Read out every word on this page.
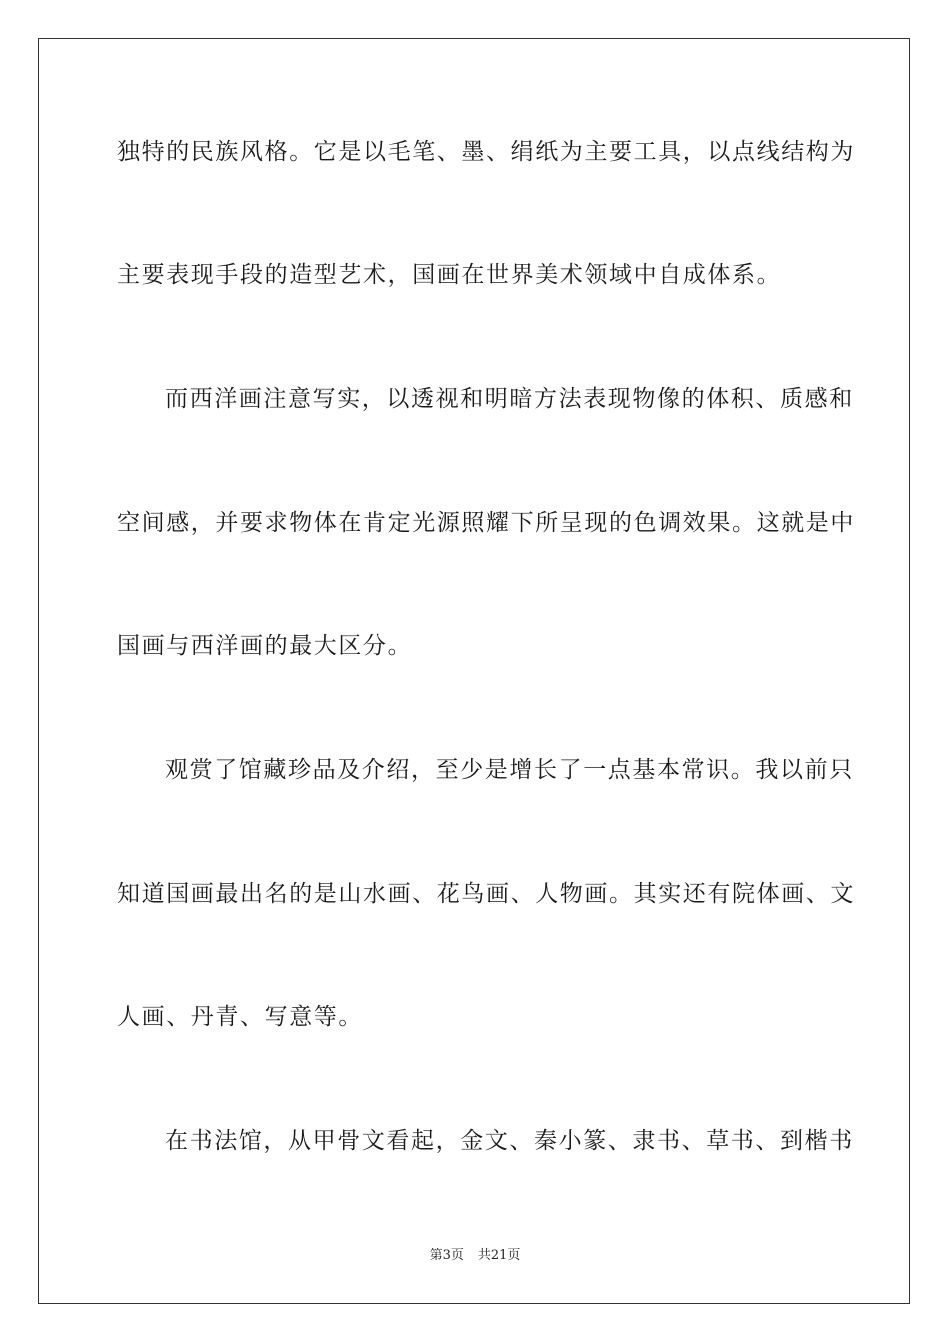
独特的民族风格。它是以毛笔、墨、绢纸为主要工具，以点线结构为
主要表现手段的造型艺术，国画在世界美术领域中自成体系。
而西洋画注意写实，以透视和明暗方法表现物像的体积、质感和
空间感，并要求物体在肯定光源照耀下所呈现的色调效果。这就是中
国画与西洋画的最大区分。
观赏了馆藏珍品及介绍，至少是增长了一点基本常识。我以前只
知道国画最出名的是山水画、花鸟画、人物画。其实还有院体画、文
人画、丹青、写意等。
在书法馆，从甲骨文看起，金文、秦小篆、隶书、草书、到楷书
第3页 共21页
